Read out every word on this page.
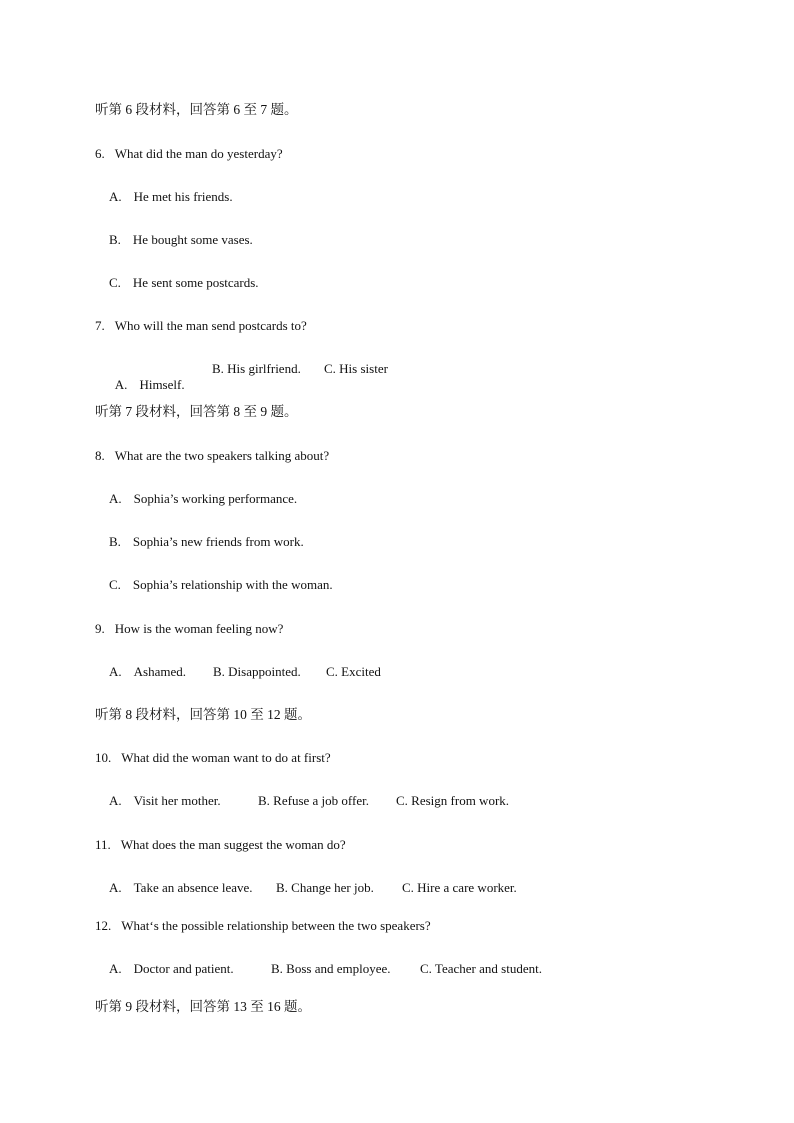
听第 6 段材料，回答第 6 至 7 题。
6. What did the man do yesterday?
A. He met his friends.
B. He bought some vases.
C. He sent some postcards.
7. Who will the man send postcards to?

A. Himself.

B. His girlfriend. C. His sister
听第 7 段材料，回答第 8 至 9 题。
8. What are the two speakers talking about?
A. Sophia’s working performance.
B. Sophia’s new friends from work.
C. Sophia’s relationship with the woman.
9. How is the woman feeling now?
A. Ashamed. B. Disappointed. C. Excited
听第 8 段材料，回答第 10 至 12 题。
10. What did the woman want to do at first?
A. Visit her mother.	B. Refuse a job offer. C. Resign from work.
11. What does the man suggest the woman do?
A. Take an absence leave. B. Change her job. C. Hire a care worker.
12. What‘s the possible relationship between the two speakers?
A. Doctor and patient.	B. Boss and employee. C. Teacher and student.
听第 9 段材料，回答第 13 至 16 题。
